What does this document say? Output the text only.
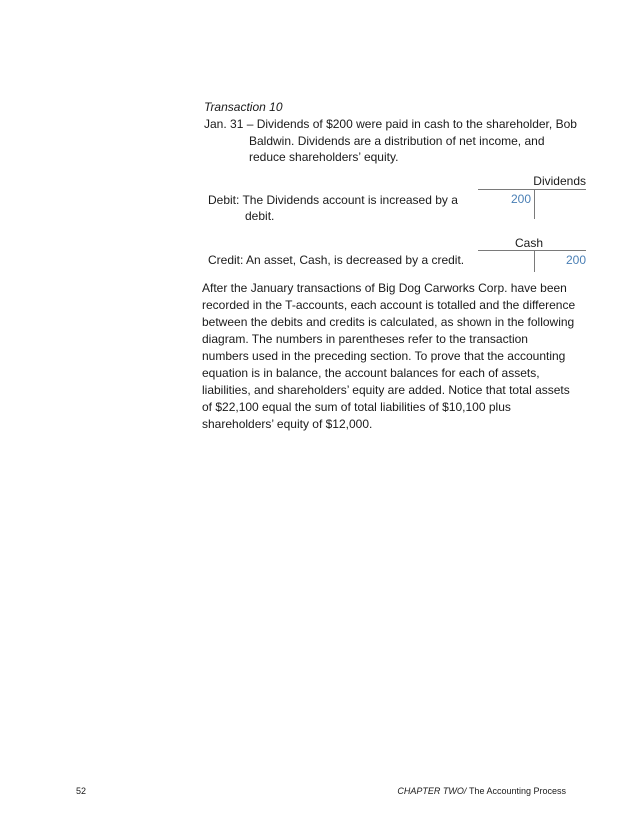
Transaction 10
Jan. 31 – Dividends of $200 were paid in cash to the shareholder, Bob
Baldwin. Dividends are a distribution of net income, and
reduce shareholders’ equity.
Debit: The Dividends account is increased by a
debit.
Dividends
200
Credit: An asset, Cash, is decreased by a credit.
Cash
200
After the January transactions of Big Dog Carworks Corp. have been
recorded in the T-accounts, each account is totalled and the difference
between the debits and credits is calculated, as shown in the following
diagram. The numbers in parentheses refer to the transaction
numbers used in the preceding section. To prove that the accounting
equation is in balance, the account balances for each of assets,
liabilities, and shareholders’ equity are added. Notice that total assets
of $22,100 equal the sum of total liabilities of $10,100 plus
shareholders’ equity of $12,000.
52	CHAPTER TWO/ The Accounting Process
